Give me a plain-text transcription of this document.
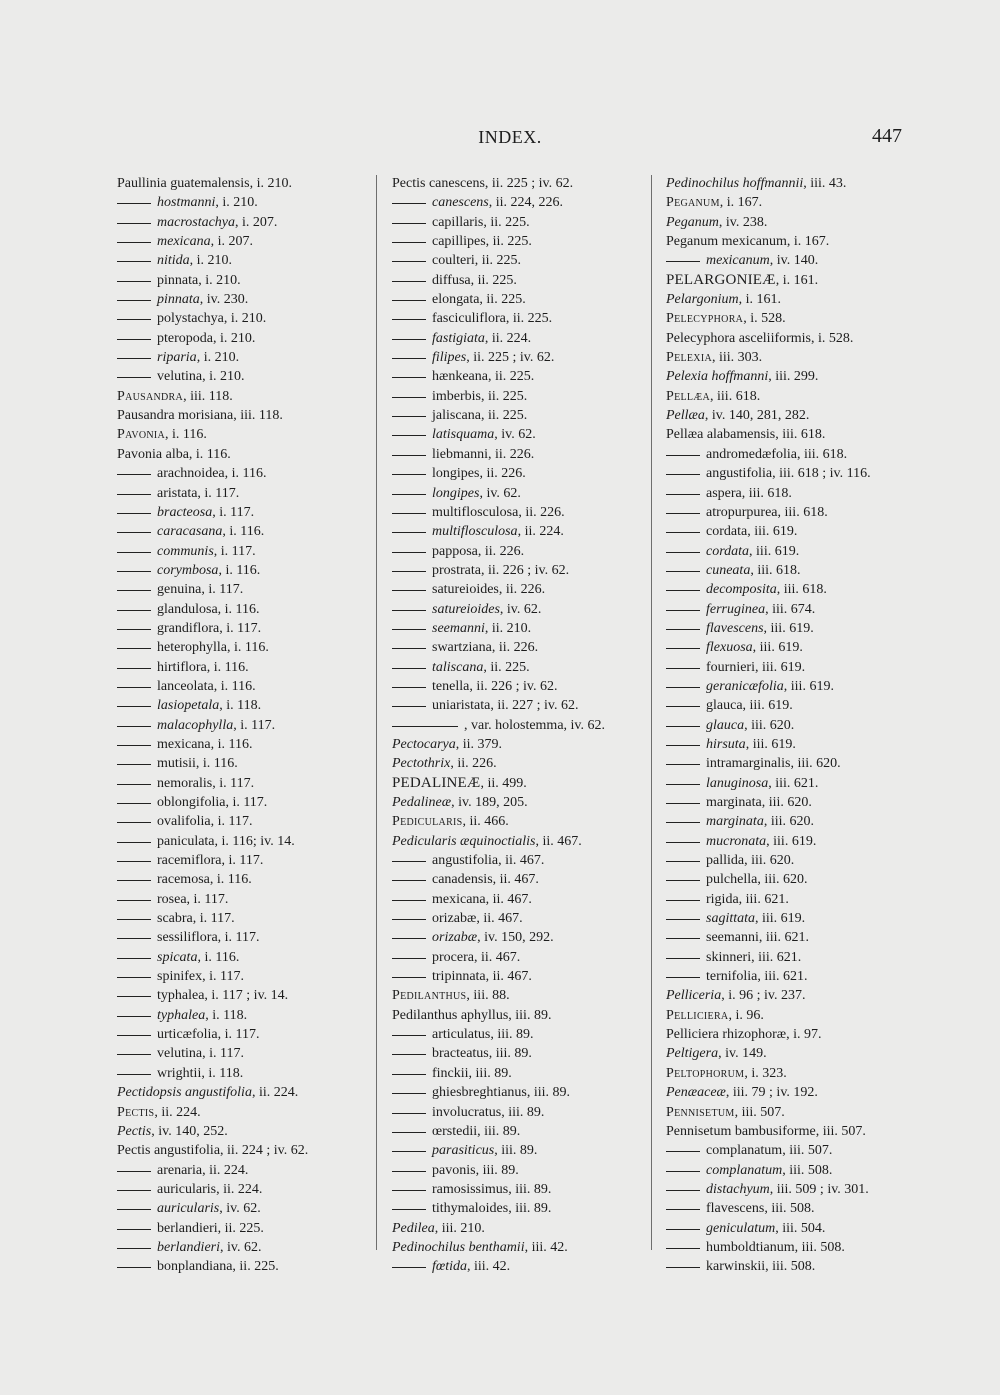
INDEX.	447
Paullinia guatemalensis, i. 210.
hostmanni, i. 210.
macrostachya, i. 207.
mexicana, i. 207.
nitida, i. 210.
pinnata, i. 210.
pinnata, iv. 230.
polystachya, i. 210.
pteropoda, i. 210.
riparia, i. 210.
velutina, i. 210.
Pausandra, iii. 118.
Pausandra morisiana, iii. 118.
Pavonia, i. 116.
Pavonia alba, i. 116.
arachnoidea, i. 116.
aristata, i. 117.
bracteosa, i. 117.
caracasana, i. 116.
communis, i. 117.
corymbosa, i. 116.
genuina, i. 117.
glandulosa, i. 116.
grandiflora, i. 117.
heterophylla, i. 116.
hirtiflora, i. 116.
lanceolata, i. 116.
lasiopetala, i. 118.
malacophylla, i. 117.
mexicana, i. 116.
mutisii, i. 116.
nemoralis, i. 117.
oblongifolia, i. 117.
ovalifolia, i. 117.
paniculata, i. 116; iv. 14.
racemiflora, i. 117.
racemosa, i. 116.
rosea, i. 117.
scabra, i. 117.
sessiliflora, i. 117.
spicata, i. 116.
spinifex, i. 117.
typhalea, i. 117 ; iv. 14.
typhalea, i. 118.
urticæfolia, i. 117.
velutina, i. 117.
wrightii, i. 118.
Pectidopsis angustifolia, ii. 224.
Pectis, ii. 224.
Pectis, iv. 140, 252.
Pectis angustifolia, ii. 224 ; iv. 62.
arenaria, ii. 224.
auricularis, ii. 224.
auricularis, iv. 62.
berlandieri, ii. 225.
berlandieri, iv. 62.
bonplandiana, ii. 225.
Pectis canescens, ii. 225 ; iv. 62.
canescens, ii. 224, 226.
capillaris, ii. 225.
capillipes, ii. 225.
coulteri, ii. 225.
diffusa, ii. 225.
elongata, ii. 225.
fasciculiflora, ii. 225.
fastigiata, ii. 224.
filipes, ii. 225 ; iv. 62.
hænkeana, ii. 225.
imberbis, ii. 225.
jaliscana, ii. 225.
latisquama, iv. 62.
liebmanni, ii. 226.
longipes, ii. 226.
longipes, iv. 62.
multiflosculosa, ii. 226.
multiflosculosa, ii. 224.
papposa, ii. 226.
prostrata, ii. 226 ; iv. 62.
satureioides, ii. 226.
satureioides, iv. 62.
seemanni, ii. 210.
swartziana, ii. 226.
taliscana, ii. 225.
tenella, ii. 226 ; iv. 62.
uniaristata, ii. 227 ; iv. 62.
, var. holostemma, iv. 62.
Pectocarya, ii. 379.
Pectothrix, ii. 226.
PEDALINEÆ, ii. 499.
Pedalineæ, iv. 189, 205.
Pedicularis, ii. 466.
Pedicularis æquinoctialis, ii. 467.
angustifolia, ii. 467.
canadensis, ii. 467.
mexicana, ii. 467.
orizabæ, ii. 467.
orizabæ, iv. 150, 292.
procera, ii. 467.
tripinnata, ii. 467.
Pedilanthus, iii. 88.
Pedilanthus aphyllus, iii. 89.
articulatus, iii. 89.
bracteatus, iii. 89.
finckii, iii. 89.
ghiesbreghtianus, iii. 89.
involucratus, iii. 89.
œrstedii, iii. 89.
parasiticus, iii. 89.
pavonis, iii. 89.
ramosissimus, iii. 89.
tithymaloides, iii. 89.
Pedilea, iii. 210.
Pedinochilus benthamii, iii. 42.
fœtida, iii. 42.
Pedinochilus hoffmannii, iii. 43.
Peganum, i. 167.
Peganum, iv. 238.
Peganum mexicanum, i. 167.
mexicanum, iv. 140.
PELARGONIEÆ, i. 161.
Pelargonium, i. 161.
Pelecyphora, i. 528.
Pelecyphora asceliiformis, i. 528.
Pelexia, iii. 303.
Pelexia hoffmanni, iii. 299.
Pellæa, iii. 618.
Pellæa, iv. 140, 281, 282.
Pellæa alabamensis, iii. 618.
andromedæfolia, iii. 618.
angustifolia, iii. 618 ; iv. 116.
aspera, iii. 618.
atropurpurea, iii. 618.
cordata, iii. 619.
cordata, iii. 619.
cuneata, iii. 618.
decomposita, iii. 618.
ferruginea, iii. 674.
flavescens, iii. 619.
flexuosa, iii. 619.
fournieri, iii. 619.
geranicæfolia, iii. 619.
glauca, iii. 619.
glauca, iii. 620.
hirsuta, iii. 619.
intramarginalis, iii. 620.
lanuginosa, iii. 621.
marginata, iii. 620.
marginata, iii. 620.
mucronata, iii. 619.
pallida, iii. 620.
pulchella, iii. 620.
rigida, iii. 621.
sagittata, iii. 619.
seemanni, iii. 621.
skinneri, iii. 621.
ternifolia, iii. 621.
Pelliceria, i. 96 ; iv. 237.
Pelliciera, i. 96.
Pelliciera rhizophoræ, i. 97.
Peltigera, iv. 149.
Peltophorum, i. 323.
Penæaceæ, iii. 79 ; iv. 192.
Pennisetum, iii. 507.
Pennisetum bambusiforme, iii. 507.
complanatum, iii. 507.
complanatum, iii. 508.
distachyum, iii. 509 ; iv. 301.
flavescens, iii. 508.
geniculatum, iii. 504.
humboldtianum, iii. 508.
karwinskii, iii. 508.
